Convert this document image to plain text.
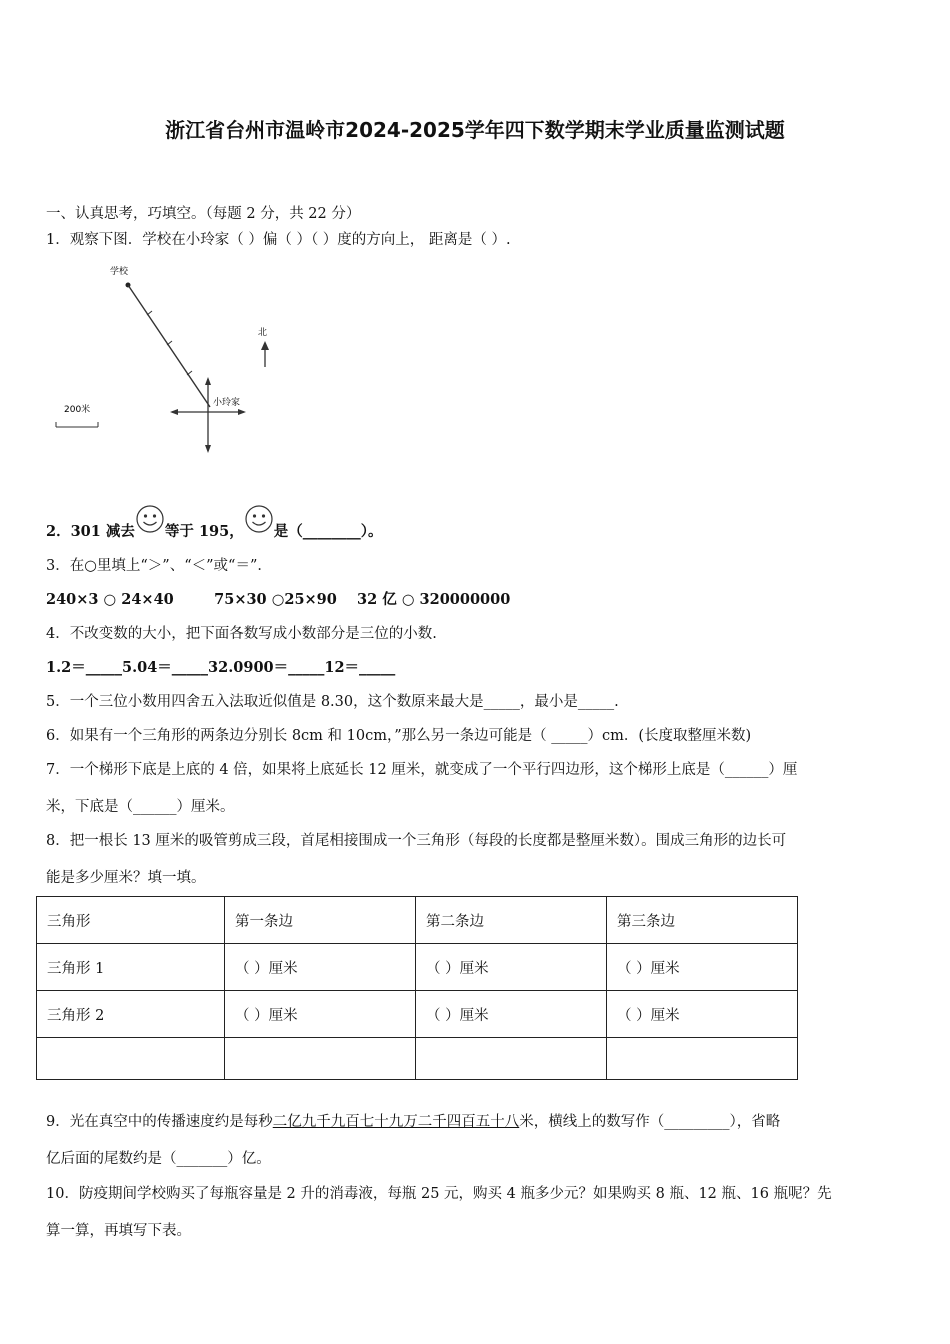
浙江省台州市温岭市2024-2025学年四下数学期末学业质量监测试题
一、认真思考，巧填空。（每题 2 分，共 22 分）
1．观察下图．学校在小玲家（ ）偏（ ）（ ）度的方向上， 距离是（ ）.
学校
小玲家
北
200米
2．301 减去 等于 195， 是（________）。
3．在○里填上“＞”、“＜”或“＝”．
240×3 ○ 24×40        75×30 ○25×90    32 亿 ○ 320000000
4．不改变数的大小，把下面各数写成小数部分是三位的小数.
1.2＝_____5.04＝_____32.0900＝_____12＝_____
5．一个三位小数用四舍五入法取近似值是 8.30，这个数原来最大是_____，最小是_____.
6．如果有一个三角形的两条边分别长 8cm 和 10cm，”那么另一条边可能是（ _____）cm．(长度取整厘米数)
7．一个梯形下底是上底的 4 倍，如果将上底延长 12 厘米，就变成了一个平行四边形，这个梯形上底是（______）厘
米，下底是（______）厘米。
8．把一根长 13 厘米的吸管剪成三段，首尾相接围成一个三角形（每段的长度都是整厘米数）。围成三角形的边长可
能是多少厘米？填一填。
三角形	第一条边	第二条边	第三条边
三角形 1	（ ）厘米	（ ）厘米	（ ）厘米
三角形 2	（ ）厘米	（ ）厘米	（ ）厘米

9．光在真空中的传播速度约是每秒二亿九千九百七十九万二千四百五十八米，横线上的数写作（_________），省略
亿后面的尾数约是（_______）亿。
10．防疫期间学校购买了每瓶容量是 2 升的消毒液，每瓶 25 元，购买 4 瓶多少元？如果购买 8 瓶、12 瓶、16 瓶呢？先
算一算，再填写下表。
